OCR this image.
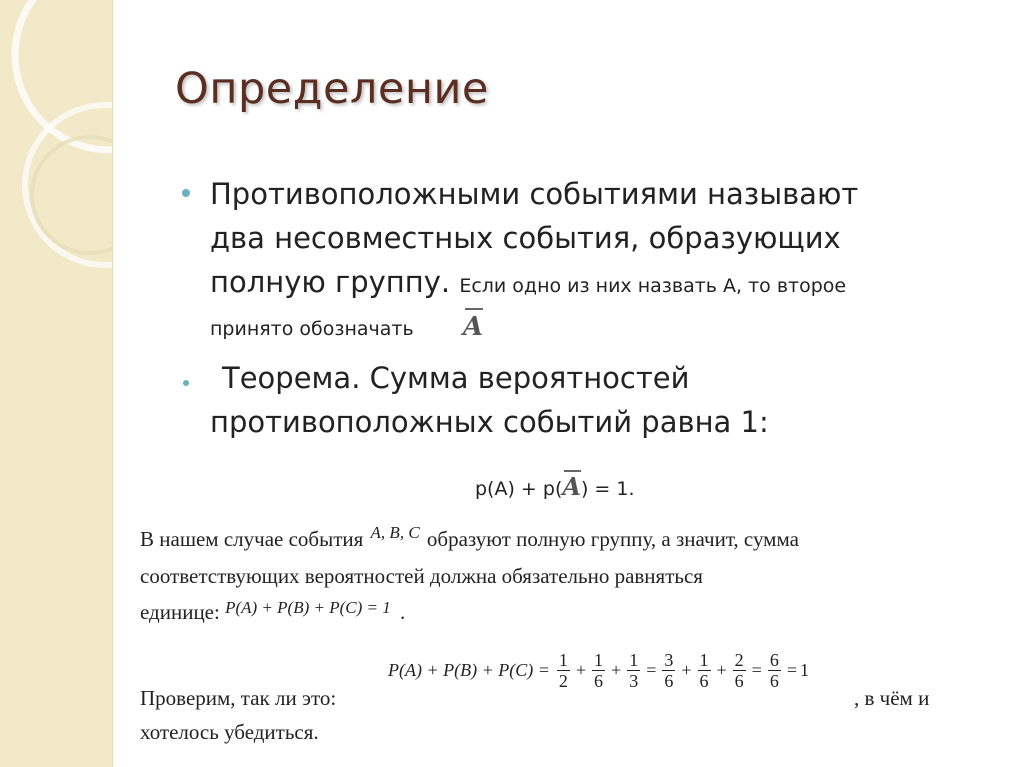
Определение
Противоположными событиями называют
два несовместных события, образующих
полную группу. Если одно из них назвать А, то второе
принято обозначать A
Теорема. Сумма вероятностей
противоположных событий равна 1:
p(A) + p(A) = 1.
В нашем случае события $^{A, B, C}$ образуют полную группу, а значит, сумма
соответствующих вероятностей должна обязательно равняться
единице: $^{P(A) + P(B) + P(C) = 1}$ .
Проверим, так ли это:
$P(A) + P(B) + P(C) = \frac{1}{2} + \frac{1}{6} + \frac{1}{3} = \frac{3}{6} + \frac{1}{6} + \frac{2}{6} = \frac{6}{6} = 1$
, в чём и
хотелось убедиться.
